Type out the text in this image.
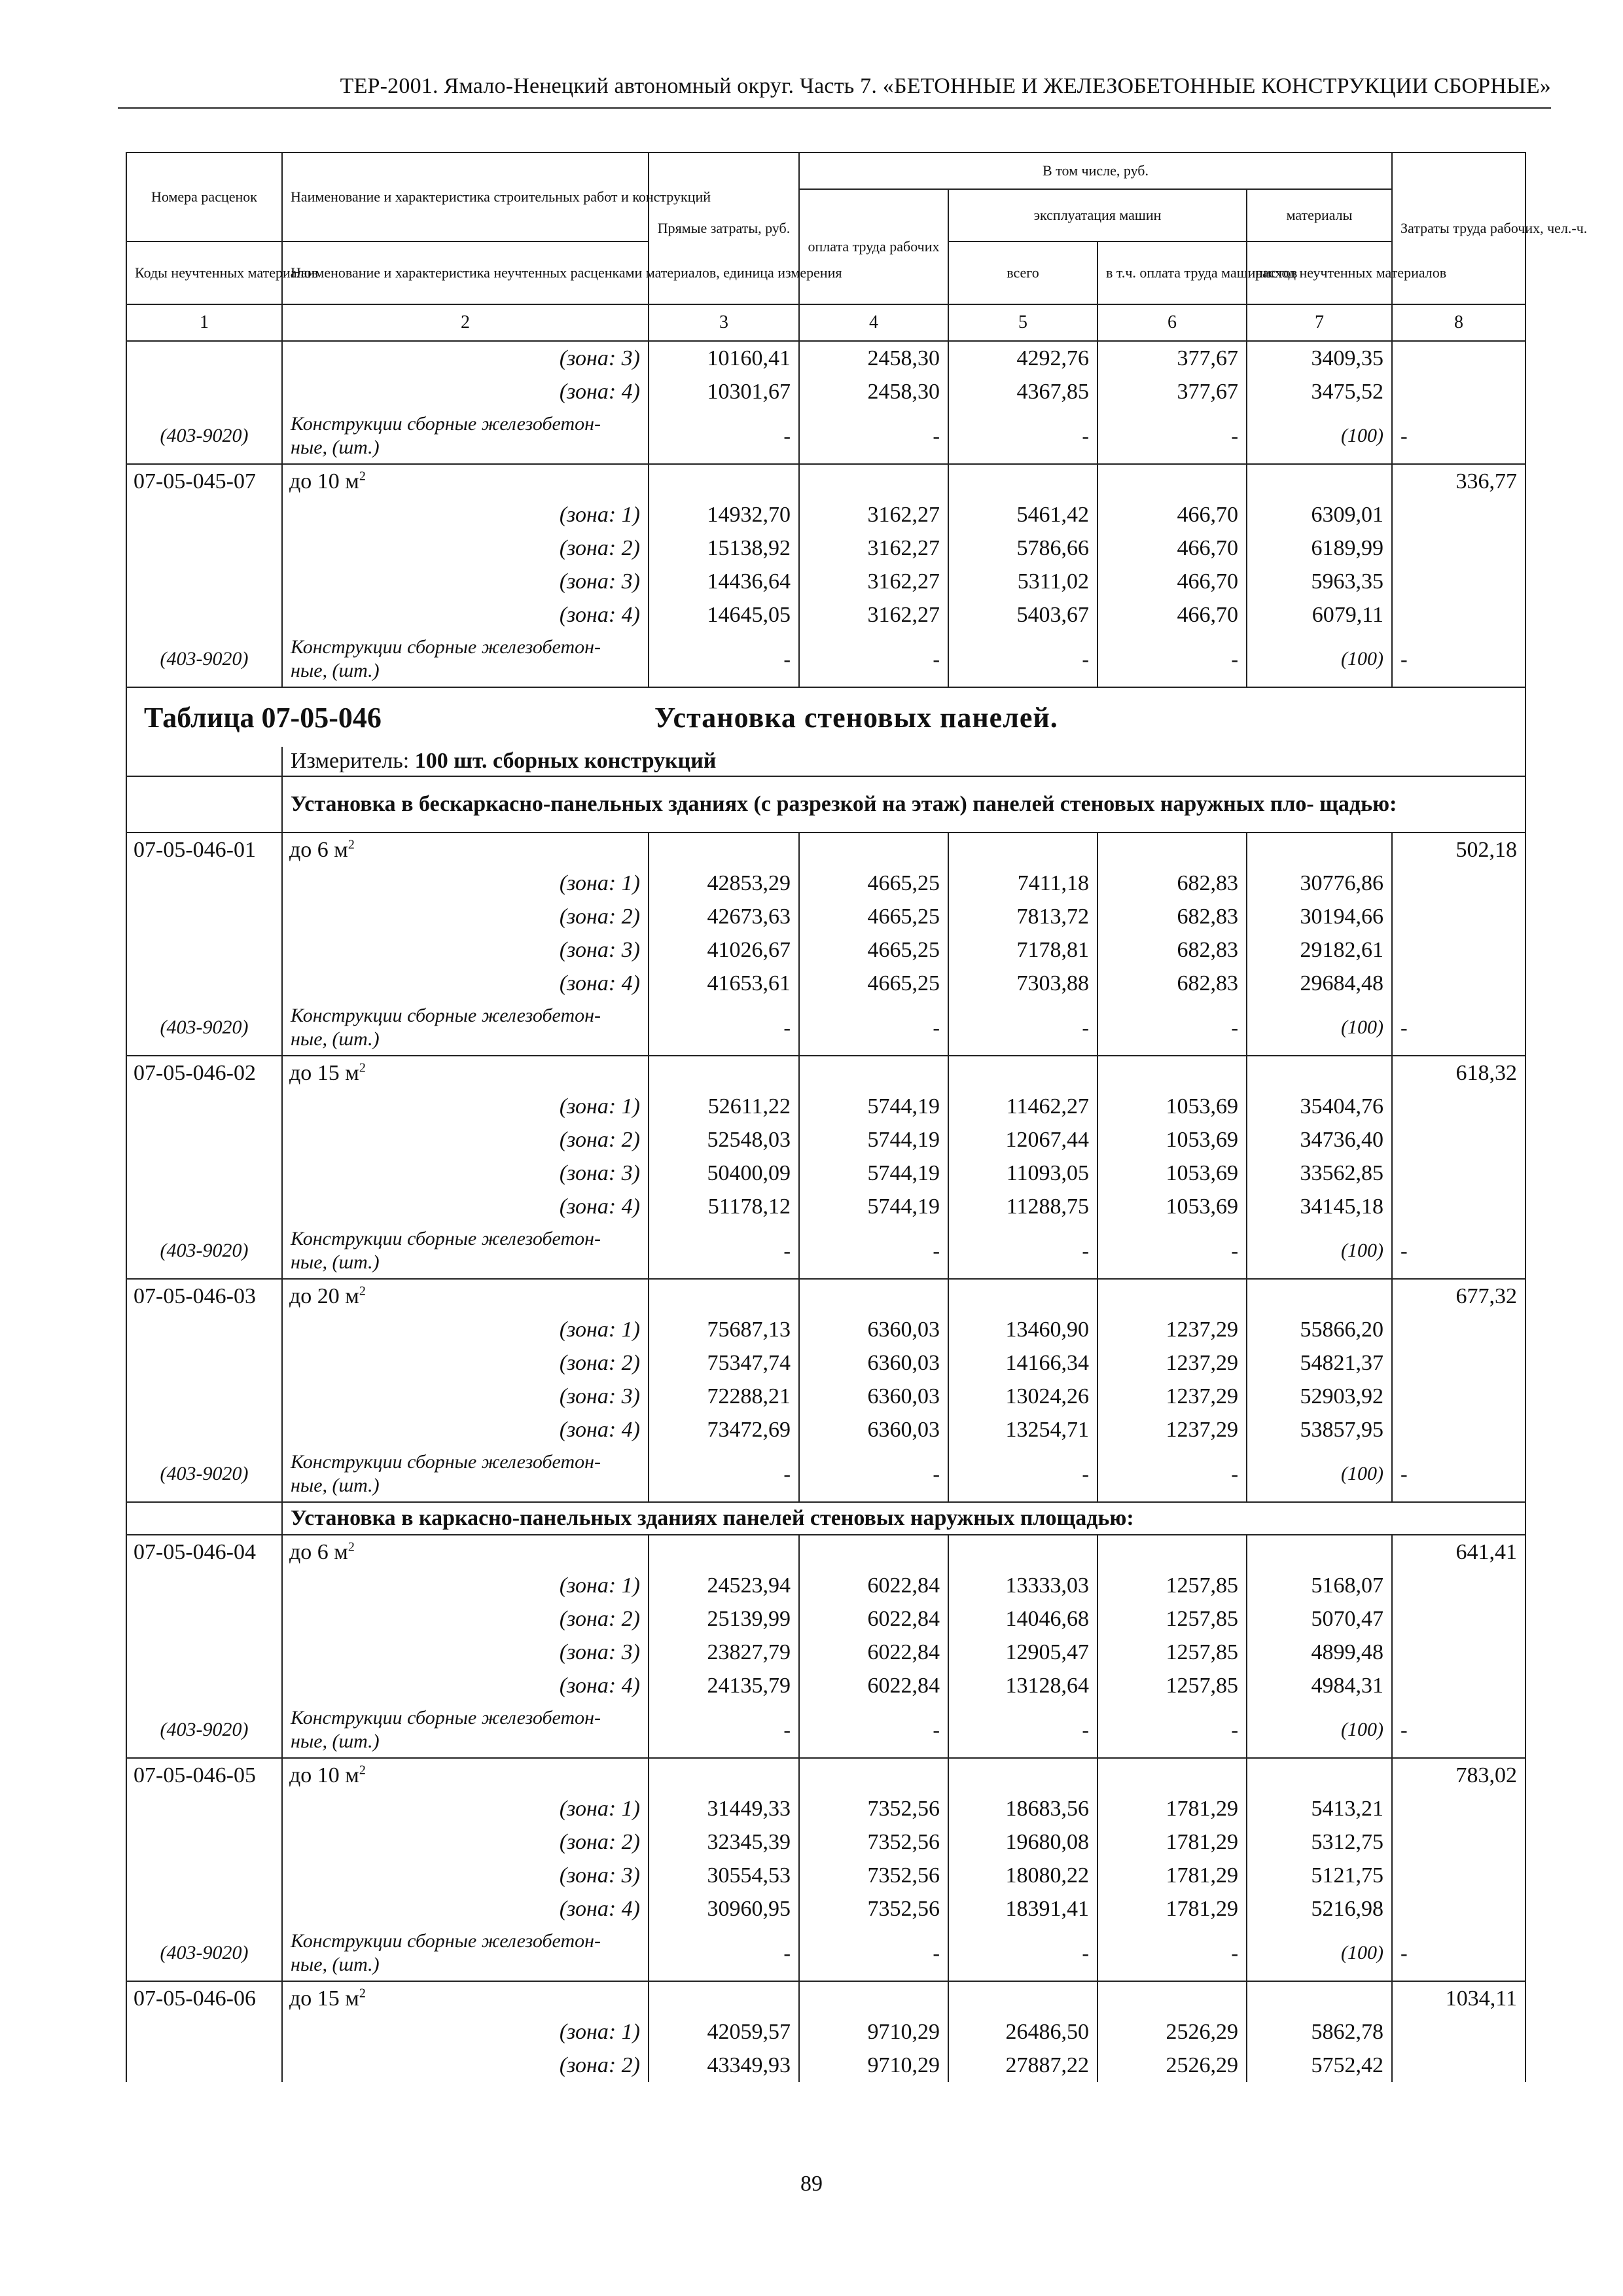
ТЕР-2001. Ямало-Ненецкий автономный округ. Часть 7. «БЕТОННЫЕ И ЖЕЛЕЗОБЕТОННЫЕ КОНСТРУКЦИИ СБОРНЫЕ»
Номера расценок	Наименование и характеристика строительных работ и конструкций	Прямые затраты, руб.	В том числе, руб.				Затраты труда рабочих, чел.-ч.
			оплата труда рабочих	эксплуатация машин		материалы	
Коды неучтенных материалов	Наименование и характеристика неучтенных расценками материалов, единица измерения			всего	в т.ч. оплата труда машинистов	расход неучтенных материалов	
1	2	3	4	5	6	7	8
	(зона: 3)	10160,41	2458,30	4292,76	377,67	3409,35	
	(зона: 4)	10301,67	2458,30	4367,85	377,67	3475,52	
(403-9020)	Конструкции сборные железобетон- ные, (шт.)	-	-	-	-	(100)	-
07-05-045-07	до 10 $м^2$						336,77
	(зона: 1)	14932,70	3162,27	5461,42	466,70	6309,01	
	(зона: 2)	15138,92	3162,27	5786,66	466,70	6189,99	
	(зона: 3)	14436,64	3162,27	5311,02	466,70	5963,35	
	(зона: 4)	14645,05	3162,27	5403,67	466,70	6079,11	
(403-9020)	Конструкции сборные железобетон- ные, (шт.)	-	-	-	-	(100)	-
Таблица 07-05-046 Установка стеновых панелей.							
	Измеритель: 100 шт. сборных конструкций						
	Установка в бескаркасно-панельных зданиях (с разрезкой на этаж) панелей стеновых наружных пло- щадью:						
07-05-046-01	до 6 $м^2$						502,18
	(зона: 1)	42853,29	4665,25	7411,18	682,83	30776,86	
	(зона: 2)	42673,63	4665,25	7813,72	682,83	30194,66	
	(зона: 3)	41026,67	4665,25	7178,81	682,83	29182,61	
	(зона: 4)	41653,61	4665,25	7303,88	682,83	29684,48	
(403-9020)	Конструкции сборные железобетон- ные, (шт.)	-	-	-	-	(100)	-
07-05-046-02	до 15 $м^2$						618,32
	(зона: 1)	52611,22	5744,19	11462,27	1053,69	35404,76	
	(зона: 2)	52548,03	5744,19	12067,44	1053,69	34736,40	
	(зона: 3)	50400,09	5744,19	11093,05	1053,69	33562,85	
	(зона: 4)	51178,12	5744,19	11288,75	1053,69	34145,18	
(403-9020)	Конструкции сборные железобетон- ные, (шт.)	-	-	-	-	(100)	-
07-05-046-03	до 20 $м^2$						677,32
	(зона: 1)	75687,13	6360,03	13460,90	1237,29	55866,20	
	(зона: 2)	75347,74	6360,03	14166,34	1237,29	54821,37	
	(зона: 3)	72288,21	6360,03	13024,26	1237,29	52903,92	
	(зона: 4)	73472,69	6360,03	13254,71	1237,29	53857,95	
(403-9020)	Конструкции сборные железобетон- ные, (шт.)	-	-	-	-	(100)	-
	Установка в каркасно-панельных зданиях панелей стеновых наружных площадью:						
07-05-046-04	до 6 $м^2$						641,41
	(зона: 1)	24523,94	6022,84	13333,03	1257,85	5168,07	
	(зона: 2)	25139,99	6022,84	14046,68	1257,85	5070,47	
	(зона: 3)	23827,79	6022,84	12905,47	1257,85	4899,48	
	(зона: 4)	24135,79	6022,84	13128,64	1257,85	4984,31	
(403-9020)	Конструкции сборные железобетон- ные, (шт.)	-	-	-	-	(100)	-
07-05-046-05	до 10 $м^2$						783,02
	(зона: 1)	31449,33	7352,56	18683,56	1781,29	5413,21	
	(зона: 2)	32345,39	7352,56	19680,08	1781,29	5312,75	
	(зона: 3)	30554,53	7352,56	18080,22	1781,29	5121,75	
	(зона: 4)	30960,95	7352,56	18391,41	1781,29	5216,98	
(403-9020)	Конструкции сборные железобетон- ные, (шт.)	-	-	-	-	(100)	-
07-05-046-06	до 15 $м^2$						1034,11
	(зона: 1)	42059,57	9710,29	26486,50	2526,29	5862,78	
	(зона: 2)	43349,93	9710,29	27887,22	2526,29	5752,42	
89
